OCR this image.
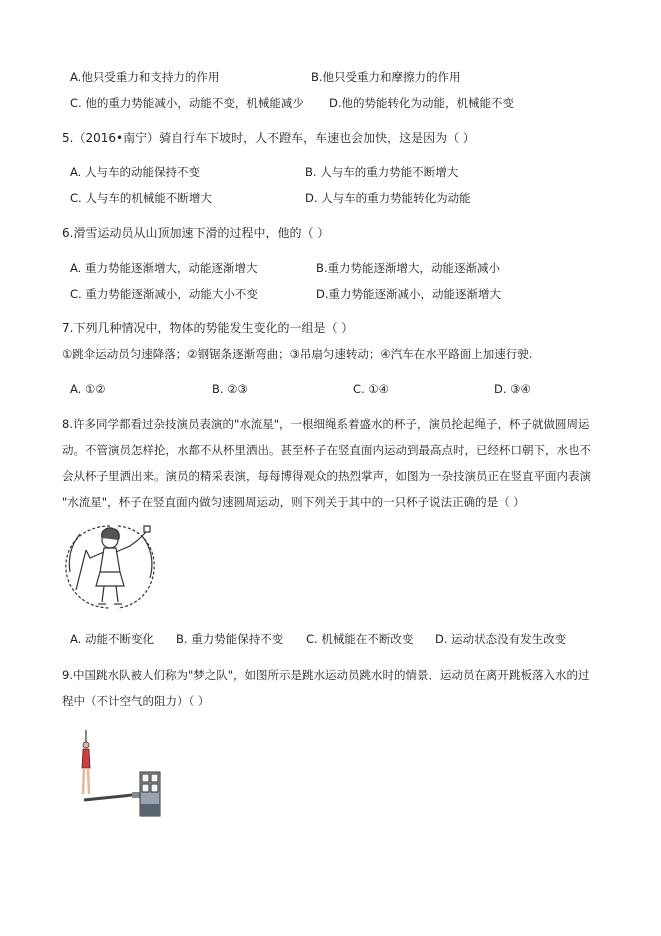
A.他只受重力和支持力的作用	B.他只受重力和摩擦力的作用
C. 他的重力势能减小，动能不变，机械能减少 D.他的势能转化为动能，机械能不变
5.（2016•南宁）骑自行车下坡时，人不蹬车，车速也会加快，这是因为（ ）
A. 人与车的动能保持不变	B. 人与车的重力势能不断增大
C. 人与车的机械能不断增大	D. 人与车的重力势能转化为动能
6.滑雪运动员从山顶加速下滑的过程中，他的（ ）
A. 重力势能逐渐增大，动能逐渐增大	B.重力势能逐渐增大，动能逐渐减小
C. 重力势能逐渐减小，动能大小不变	D.重力势能逐渐减小，动能逐渐增大
7.下列几种情况中，物体的势能发生变化的一组是（ ）
①跳伞运动员匀速降落；②钢锯条逐渐弯曲；③吊扇匀速转动；④汽车在水平路面上加速行驶.
A. ①②	B. ②③	C. ①④	D. ③④
8.许多同学都看过杂技演员表演的"水流星"，一根细绳系着盛水的杯子，演员抡起绳子，杯子就做圆周运
动。不管演员怎样抡，水都不从杯里洒出。甚至杯子在竖直面内运动到最高点时，已经杯口朝下，水也不
会从杯子里洒出来。演员的精采表演，每每博得观众的热烈掌声，如图为一杂技演员正在竖直平面内表演
"水流星"，杯子在竖直面内做匀速圆周运动，则下列关于其中的一只杯子说法正确的是（ ）
A. 动能不断变化 B. 重力势能保持不变 C. 机械能在不断改变 D. 运动状态没有发生改变
9.中国跳水队被人们称为"梦之队"，如图所示是跳水运动员跳水时的情景．运动员在离开跳板落入水的过
程中（不计空气的阻力）（ ）
